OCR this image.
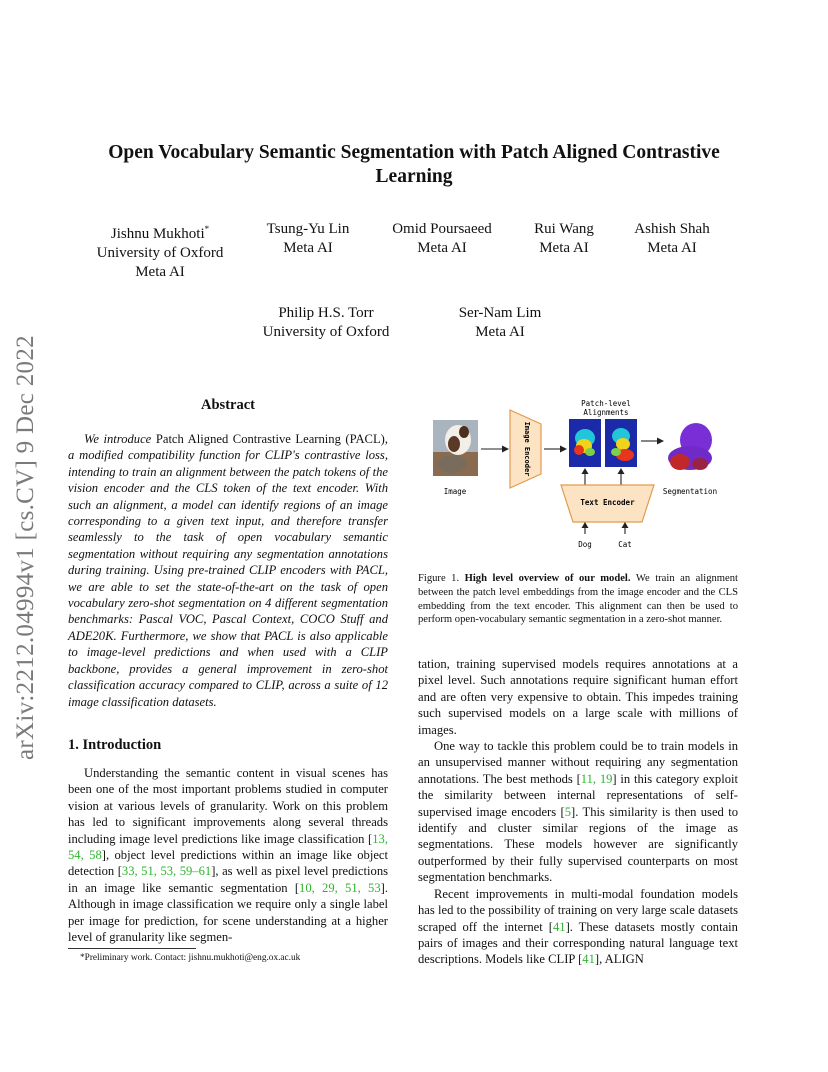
arXiv:2212.04994v1 [cs.CV] 9 Dec 2022
Open Vocabulary Semantic Segmentation with Patch Aligned Contrastive
Learning
Jishnu Mukhoti*
University of Oxford
Meta AI
Tsung-Yu Lin
Meta AI
Omid Poursaeed
Meta AI
Rui Wang
Meta AI
Ashish Shah
Meta AI
Philip H.S. Torr
University of Oxford
Ser-Nam Lim
Meta AI
Abstract
We introduce Patch Aligned Contrastive Learning (PACL), a modified compatibility function for CLIP's contrastive loss, intending to train an alignment between the patch tokens of the vision encoder and the CLS token of the text encoder. With such an alignment, a model can identify regions of an image corresponding to a given text input, and therefore transfer seamlessly to the task of open vocabulary semantic segmentation without requiring any segmentation annotations during training. Using pre-trained CLIP encoders with PACL, we are able to set the state-of-the-art on the task of open vocabulary zero-shot segmentation on 4 different segmentation benchmarks: Pascal VOC, Pascal Context, COCO Stuff and ADE20K. Furthermore, we show that PACL is also applicable to image-level predictions and when used with a CLIP backbone, provides a general improvement in zero-shot classification accuracy compared to CLIP, across a suite of 12 image classification datasets.
1. Introduction
Understanding the semantic content in visual scenes has been one of the most important problems studied in computer vision at various levels of granularity. Work on this problem has led to significant improvements along several threads including image level predictions like image classification [13, 54, 58], object level predictions within an image like object detection [33, 51, 53, 59–61], as well as pixel level predictions in an image like semantic segmentation [10, 29, 51, 53]. Although in image classification we require only a single label per image for prediction, for scene understanding at a higher level of granularity like segmen-
*Preliminary work. Contact: jishnu.mukhoti@eng.ox.ac.uk
Image
Image Encoder
Patch-level
Alignments
Segmentation
Text Encoder
Dog	Cat
Figure 1. High level overview of our model. We train an alignment between the patch level embeddings from the image encoder and the CLS embedding from the text encoder. This alignment can then be used to perform open-vocabulary semantic segmentation in a zero-shot manner.
tation, training supervised models requires annotations at a pixel level. Such annotations require significant human effort and are often very expensive to obtain. This impedes training such supervised models on a large scale with millions of images.
One way to tackle this problem could be to train models in an unsupervised manner without requiring any segmentation annotations. The best methods [11, 19] in this category exploit the similarity between internal representations of self-supervised image encoders [5]. This similarity is then used to identify and cluster similar regions of the image as segmentations. These models however are significantly outperformed by their fully supervised counterparts on most segmentation benchmarks.
Recent improvements in multi-modal foundation models has led to the possibility of training on very large scale datasets scraped off the internet [41]. These datasets mostly contain pairs of images and their corresponding natural language text descriptions. Models like CLIP [41], ALIGN
